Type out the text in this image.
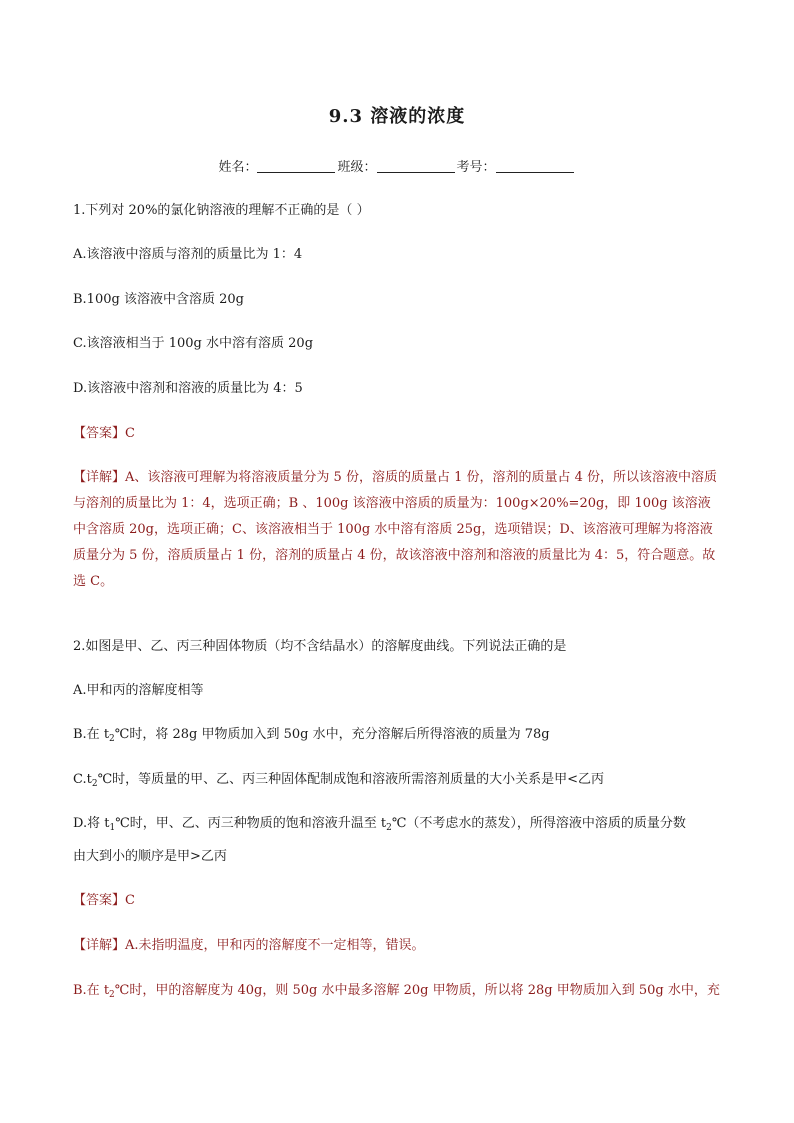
9.3 溶液的浓度
姓名：	班级：	考号：
1.下列对 20%的氯化钠溶液的理解不正确的是（ ）
A.该溶液中溶质与溶剂的质量比为 1：4
B.100g 该溶液中含溶质 20g
C.该溶液相当于 100g 水中溶有溶质 20g
D.该溶液中溶剂和溶液的质量比为 4：5
【答案】C
【详解】A、该溶液可理解为将溶液质量分为 5 份，溶质的质量占 1 份，溶剂的质量占 4 份，所以该溶液中溶质与溶剂的质量比为 1：4，选项正确；B 、100g 该溶液中溶质的质量为：100g×20%=20g，即 100g 该溶液中含溶质 20g，选项正确；C、该溶液相当于 100g 水中溶有溶质 25g，选项错误；D、该溶液可理解为将溶液质量分为 5 份，溶质质量占 1 份，溶剂的质量占 4 份，故该溶液中溶剂和溶液的质量比为 4：5，符合题意。故选 C。
2.如图是甲、乙、丙三种固体物质（均不含结晶水）的溶解度曲线。下列说法正确的是
A.甲和丙的溶解度相等
B.在 $t_2℃$时，将 28g 甲物质加入到 50g 水中，充分溶解后所得溶液的质量为 78g
$C.t_2℃$时，等质量的甲、乙、丙三种固体配制成饱和溶液所需溶剂质量的大小关系是甲<乙丙
D.将 $t_1℃$时，甲、乙、丙三种物质的饱和溶液升温至 $t_2℃$（不考虑水的蒸发），所得溶液中溶质的质量分数
由大到小的顺序是甲>乙丙
【答案】C
【详解】A.未指明温度，甲和丙的溶解度不一定相等，错误。
B.在 $t_2℃$时，甲的溶解度为 40g，则 50g 水中最多溶解 20g 甲物质，所以将 28g 甲物质加入到 50g 水中，充
